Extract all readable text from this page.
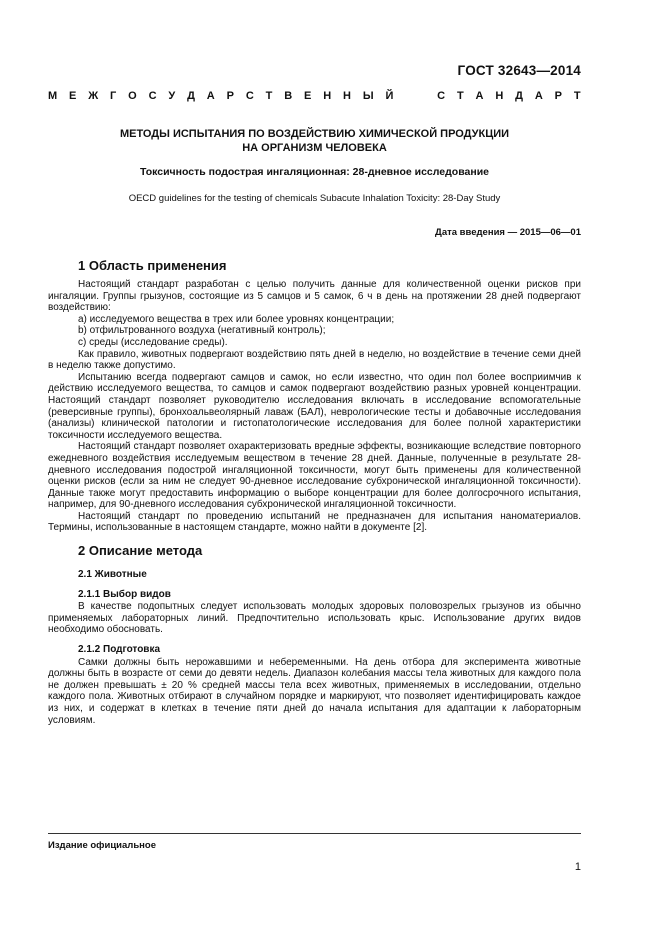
ГОСТ 32643—2014
М Е Ж Г О С У Д А Р С Т В Е Н Н Ы Й	С Т А Н Д А Р Т
МЕТОДЫ ИСПЫТАНИЯ ПО ВОЗДЕЙСТВИЮ ХИМИЧЕСКОЙ ПРОДУКЦИИ
НА ОРГАНИЗМ ЧЕЛОВЕКА
Токсичность подострая ингаляционная: 28-дневное исследование
OECD guidelines for the testing of chemicals Subacute Inhalation Toxicity: 28-Day Study
Дата введения — 2015—06—01
1 Область применения

Настоящий стандарт разработан с целью получить данные для количественной оценки рисков при ингаляции. Группы грызунов, состоящие из 5 самцов и 5 самок, 6 ч в день на протяжении 28 дней подвергают воздействию:

а) исследуемого вещества в трех или более уровнях концентрации;
b) отфильтрованного воздуха (негативный контроль);
c) среды (исследование среды).

Как правило, животных подвергают воздействию пять дней в неделю, но воздействие в течение семи дней в неделю также допустимо.

Испытанию всегда подвергают самцов и самок, но если известно, что один пол более восприимчив к действию исследуемого вещества, то самцов и самок подвергают воздействию разных уровней концентрации. Настоящий стандарт позволяет руководителю исследования включать в исследование вспомогательные (реверсивные группы), бронхоальвеолярный лаваж (БАЛ), неврологические тесты и добавочные исследования (анализы) клинической патологии и гистопатологические исследования для более полной характеристики токсичности исследуемого вещества.

Настоящий стандарт позволяет охарактеризовать вредные эффекты, возникающие вследствие повторного ежедневного воздействия исследуемым веществом в течение 28 дней. Данные, полученные в результате 28-дневного исследования подострой ингаляционной токсичности, могут быть применены для количественной оценки рисков (если за ним не следует 90-дневное исследование субхронической ингаляционной токсичности). Данные также могут предоставить информацию о выборе концентрации для более долгосрочного испытания, например, для 90-дневного исследования субхронической ингаляционной токсичности.

Настоящий стандарт по проведению испытаний не предназначен для испытания наноматериалов. Термины, использованные в настоящем стандарте, можно найти в документе [2].

2 Описание метода
2.1 Животные
2.1.1 Выбор видов

В качестве подопытных следует использовать молодых здоровых половозрелых грызунов из обычно применяемых лабораторных линий. Предпочтительно использовать крыс. Использование других видов необходимо обосновать.

2.1.2 Подготовка

Самки должны быть нерожавшими и небеременными. На день отбора для эксперимента животные должны быть в возрасте от семи до девяти недель. Диапазон колебания массы тела животных для каждого пола не должен превышать ± 20 % средней массы тела всех животных, применяемых в исследовании, отдельно каждого пола. Животных отбирают в случайном порядке и маркируют, что позволяет идентифицировать каждое из них, и содержат в клетках в течение пяти дней до начала испытания для адаптации к лабораторным условиям.

Издание официальное
1
